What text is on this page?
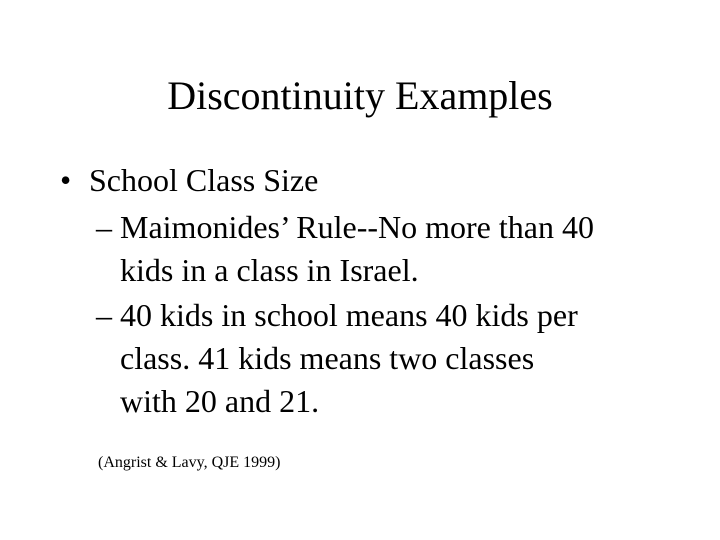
Discontinuity Examples
• School Class Size
– Maimonides’ Rule--No more than 40
kids in a class in Israel.
– 40 kids in school means 40 kids per
class. 41 kids means two classes
with 20 and 21.
(Angrist & Lavy, QJE 1999)
